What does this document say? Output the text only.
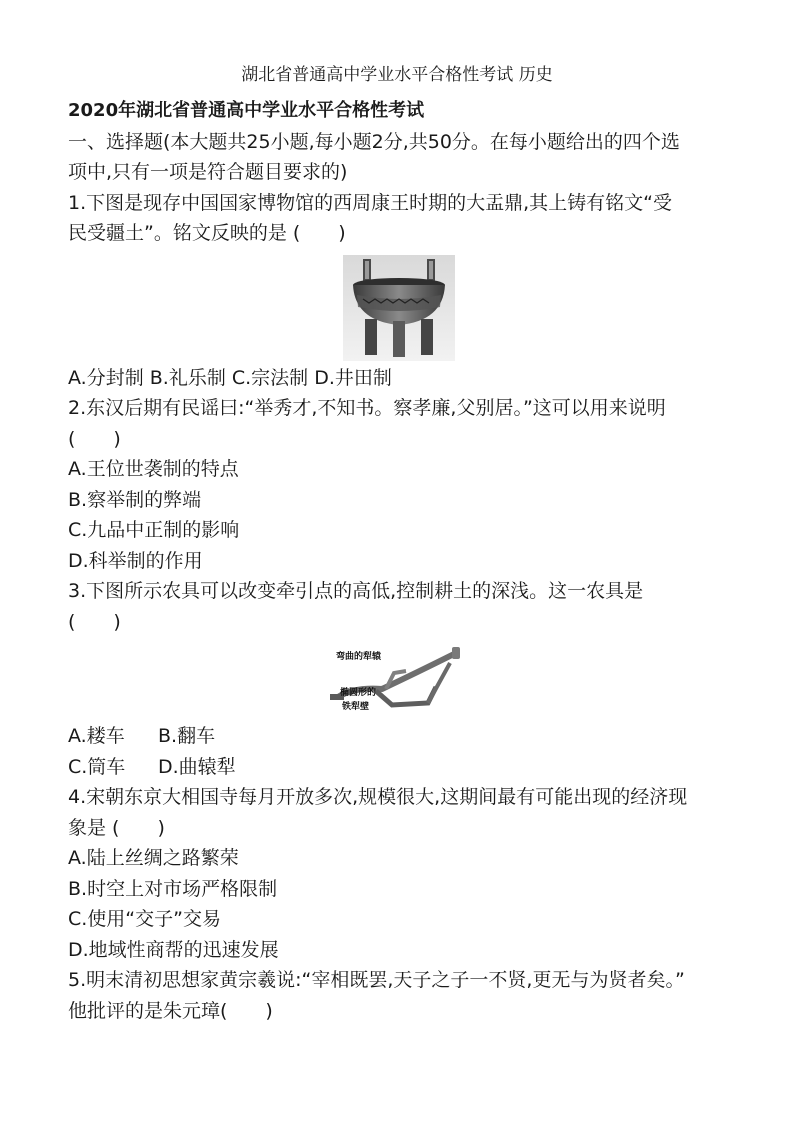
湖北省普通高中学业水平合格性考试 历史
2020年湖北省普通高中学业水平合格性考试
一、选择题(本大题共25小题,每小题2分,共50分。在每小题给出的四个选
项中,只有一项是符合题目要求的)
1.下图是现存中国国家博物馆的西周康王时期的大盂鼎,其上铸有铭文“受
民受疆土”。铭文反映的是 (　　)
A.分封制 B.礼乐制 C.宗法制 D.井田制
2.东汉后期有民谣曰:“举秀才,不知书。察孝廉,父别居。”这可以用来说明
(　　)
A.王位世袭制的特点
B.察举制的弊端
C.九品中正制的影响
D.科举制的作用
3.下图所示农具可以改变牵引点的高低,控制耕土的深浅。这一农具是
(　　)
弯曲的犁辕
椭圆形的
铁犁壁
A.耧车 B.翻车
C.筒车 D.曲辕犁
4.宋朝东京大相国寺每月开放多次,规模很大,这期间最有可能出现的经济现
象是 (　　)
A.陆上丝绸之路繁荣
B.时空上对市场严格限制
C.使用“交子”交易
D.地域性商帮的迅速发展
5.明末清初思想家黄宗羲说:“宰相既罢,天子之子一不贤,更无与为贤者矣。”
他批评的是朱元璋(　　)
